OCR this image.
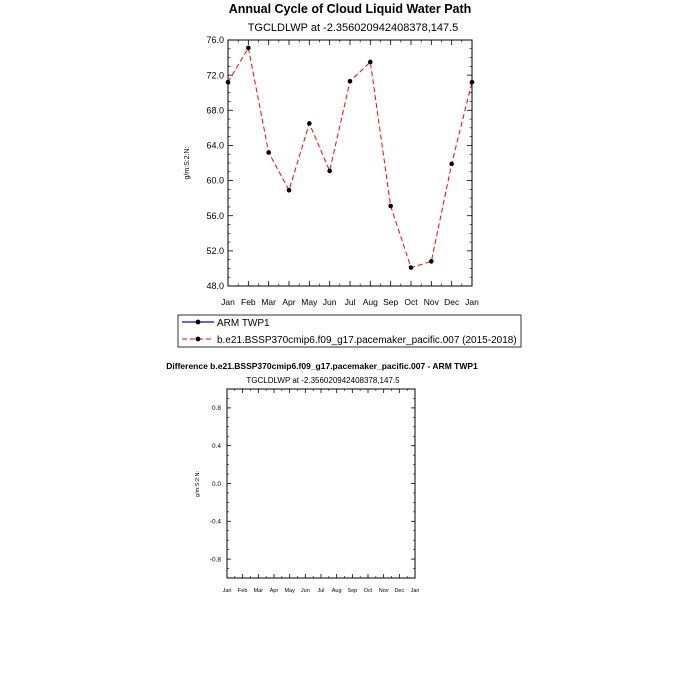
Annual Cycle of Cloud Liquid Water Path
TGCLDLWP at -2.356020942408378,147.5
g/m:S:2:N:
Jan Feb Mar Apr May Jun Jul Aug Sep Oct Nov Dec Jan
76.0
72.0
68.0
64.0
60.0
56.0
52.0
48.0
ARM TWP1
b.e21.BSSP370cmip6.f09_g17.pacemaker_pacific.007 (2015-2018)
Difference b.e21.BSSP370cmip6.f09_g17.pacemaker_pacific.007 - ARM TWP1
TGCLDLWP at -2.356020942408378,147.5
g/m:S:2:N:
Jan Feb Mar Apr May Jun Jul Aug Sep Oct Nov Dec Jan
0.8
0.4
0.0
-0.4
-0.8
